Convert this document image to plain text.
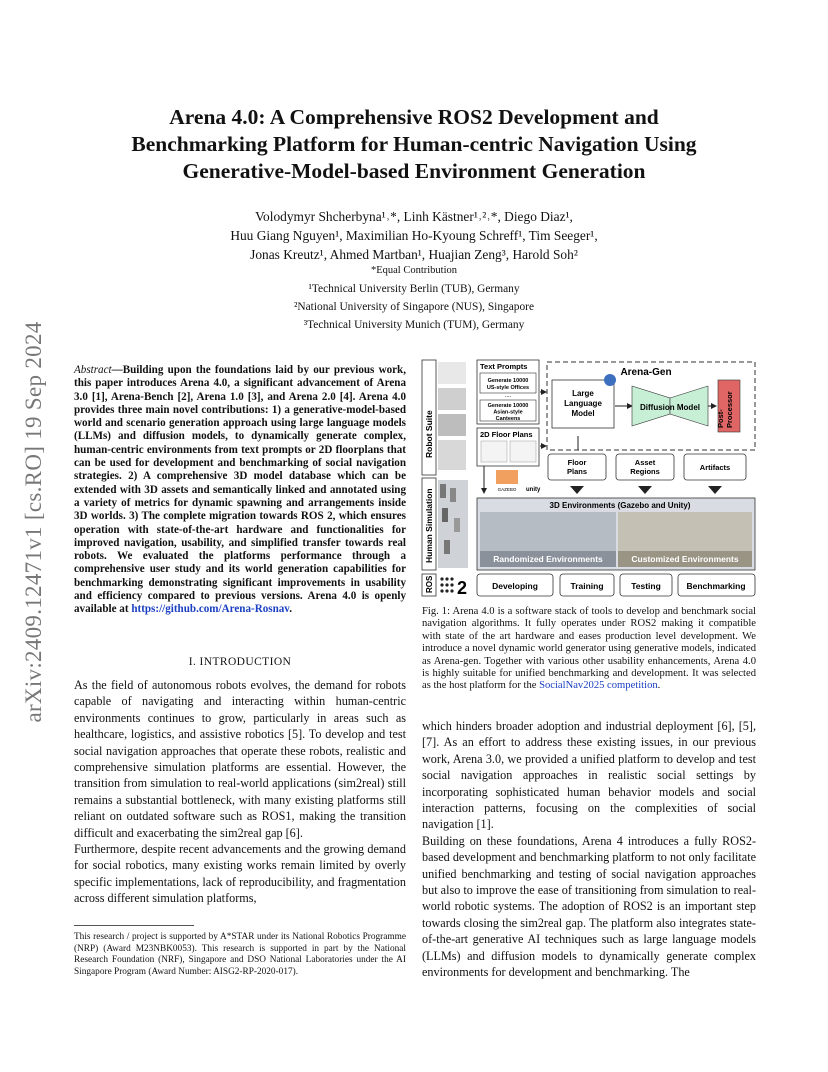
arXiv:2409.12471v1 [cs.RO] 19 Sep 2024
Arena 4.0: A Comprehensive ROS2 Development and
Benchmarking Platform for Human-centric Navigation Using
Generative-Model-based Environment Generation
Volodymyr Shcherbyna¹˒*, Linh Kästner¹˒²˒*, Diego Diaz¹,
Huu Giang Nguyen¹, Maximilian Ho-Kyoung Schreff¹, Tim Seeger¹,
Jonas Kreutz¹, Ahmed Martban¹, Huajian Zeng³, Harold Soh²
*Equal Contribution
¹Technical University Berlin (TUB), Germany
²National University of Singapore (NUS), Singapore
³Technical University Munich (TUM), Germany
Abstract—Building upon the foundations laid by our previous work, this paper introduces Arena 4.0, a significant advancement of Arena 3.0 [1], Arena-Bench [2], Arena 1.0 [3], and Arena 2.0 [4]. Arena 4.0 provides three main novel contributions: 1) a generative-model-based world and scenario generation approach using large language models (LLMs) and diffusion models, to dynamically generate complex, human-centric environments from text prompts or 2D floorplans that can be used for development and benchmarking of social navigation strategies. 2) A comprehensive 3D model database which can be extended with 3D assets and semantically linked and annotated using a variety of metrics for dynamic spawning and arrangements inside 3D worlds. 3) The complete migration towards ROS 2, which ensures operation with state-of-the-art hardware and functionalities for improved navigation, usability, and simplified transfer towards real robots. We evaluated the platforms performance through a comprehensive user study and its world generation capabilities for benchmarking demonstrating significant improvements in usability and efficiency compared to previous versions. Arena 4.0 is openly available at https://github.com/Arena-Rosnav.
I. INTRODUCTION

As the field of autonomous robots evolves, the demand for robots capable of navigating and interacting within human-centric environments continues to grow, particularly in areas such as healthcare, logistics, and assistive robotics [5]. To develop and test social navigation approaches that operate these robots, realistic and comprehensive simulation platforms are essential. However, the transition from simulation to real-world applications (sim2real) still remains a substantial bottleneck, with many existing platforms still reliant on outdated software such as ROS1, making the transition difficult and exacerbating the sim2real gap [6].

Furthermore, despite recent advancements and the growing demand for social robotics, many existing works remain limited by overly specific implementations, lack of reproducibility, and fragmentation across different simulation platforms,

This research / project is supported by A*STAR under its National Robotics Programme (NRP) (Award M23NBK0053). This research is supported in part by the National Research Foundation (NRF), Singapore and DSO National Laboratories under the AI Singapore Program (Award Number: AISG2-RP-2020-017).
Robot Suite
Human Simulation
ROS 2
Text Prompts
Generate 10000 US-style Offices
....
Generate 10000 Asian-style Canteens
2D Floor Plans
GAZEBO unity
Arena-Gen
Large Language Model
Diffusion Model
Post-Processor
Floor Plans
Asset Regions	Artifacts
3D Environments (Gazebo and Unity)
Randomized Environments	Customized Environments
Developing	Training	Testing	Benchmarking
Fig. 1: Arena 4.0 is a software stack of tools to develop and benchmark social navigation algorithms. It fully operates under ROS2 making it compatible with state of the art hardware and eases production level development. We introduce a novel dynamic world generator using generative models, indicated as Arena-gen. Together with various other usability enhancements, Arena 4.0 is highly suitable for unified benchmarking and development. It was selected as the host platform for the SocialNav2025 competition.

which hinders broader adoption and industrial deployment [6], [5], [7]. As an effort to address these existing issues, in our previous work, Arena 3.0, we provided a unified platform to develop and test social navigation approaches in realistic social settings by incorporating sophisticated human behavior models and social interaction patterns, focusing on the complexities of social navigation [1].

Building on these foundations, Arena 4 introduces a fully ROS2-based development and benchmarking platform to not only facilitate unified benchmarking and testing of social navigation approaches but also to improve the ease of transitioning from simulation to real-world robotic systems. The adoption of ROS2 is an important step towards closing the sim2real gap. The platform also integrates state-of-the-art generative AI techniques such as large language models (LLMs) and diffusion models to dynamically generate complex environments for development and benchmarking. The
